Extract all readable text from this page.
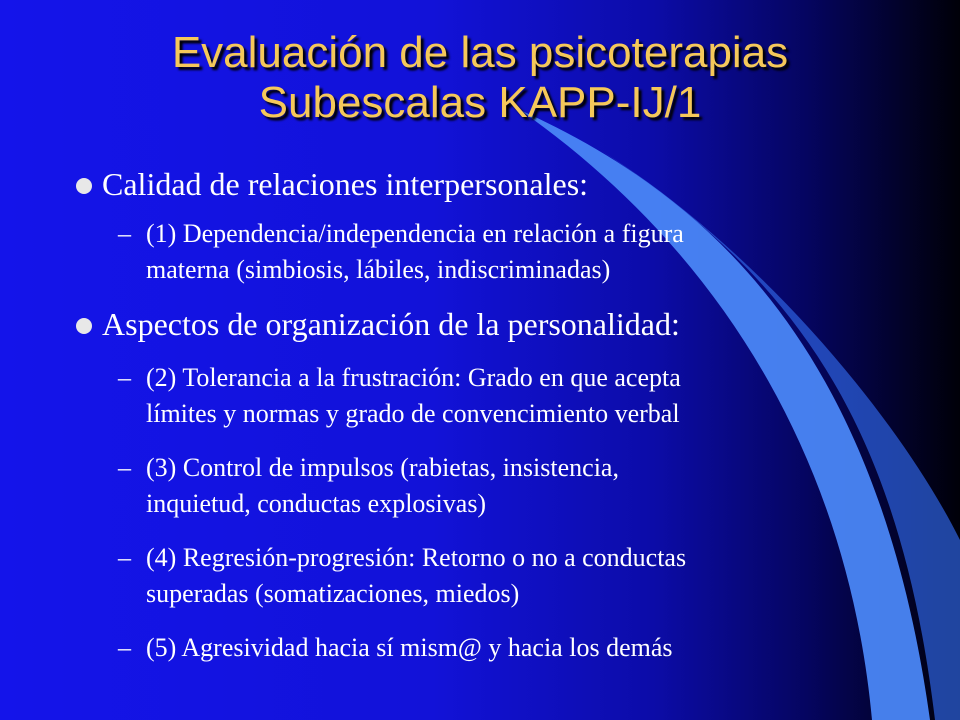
Evaluación de las psicoterapias
Subescalas KAPP-IJ/1
Calidad de relaciones interpersonales:
– (1) Dependencia/independencia en relación a figura
materna (simbiosis, lábiles, indiscriminadas)
Aspectos de organización de la personalidad:
– (2) Tolerancia a la frustración: Grado en que acepta
límites y normas y grado de convencimiento verbal
– (3) Control de impulsos (rabietas, insistencia,
inquietud, conductas explosivas)
– (4) Regresión-progresión: Retorno o no a conductas
superadas (somatizaciones, miedos)
– (5) Agresividad hacia sí mism@ y hacia los demás
